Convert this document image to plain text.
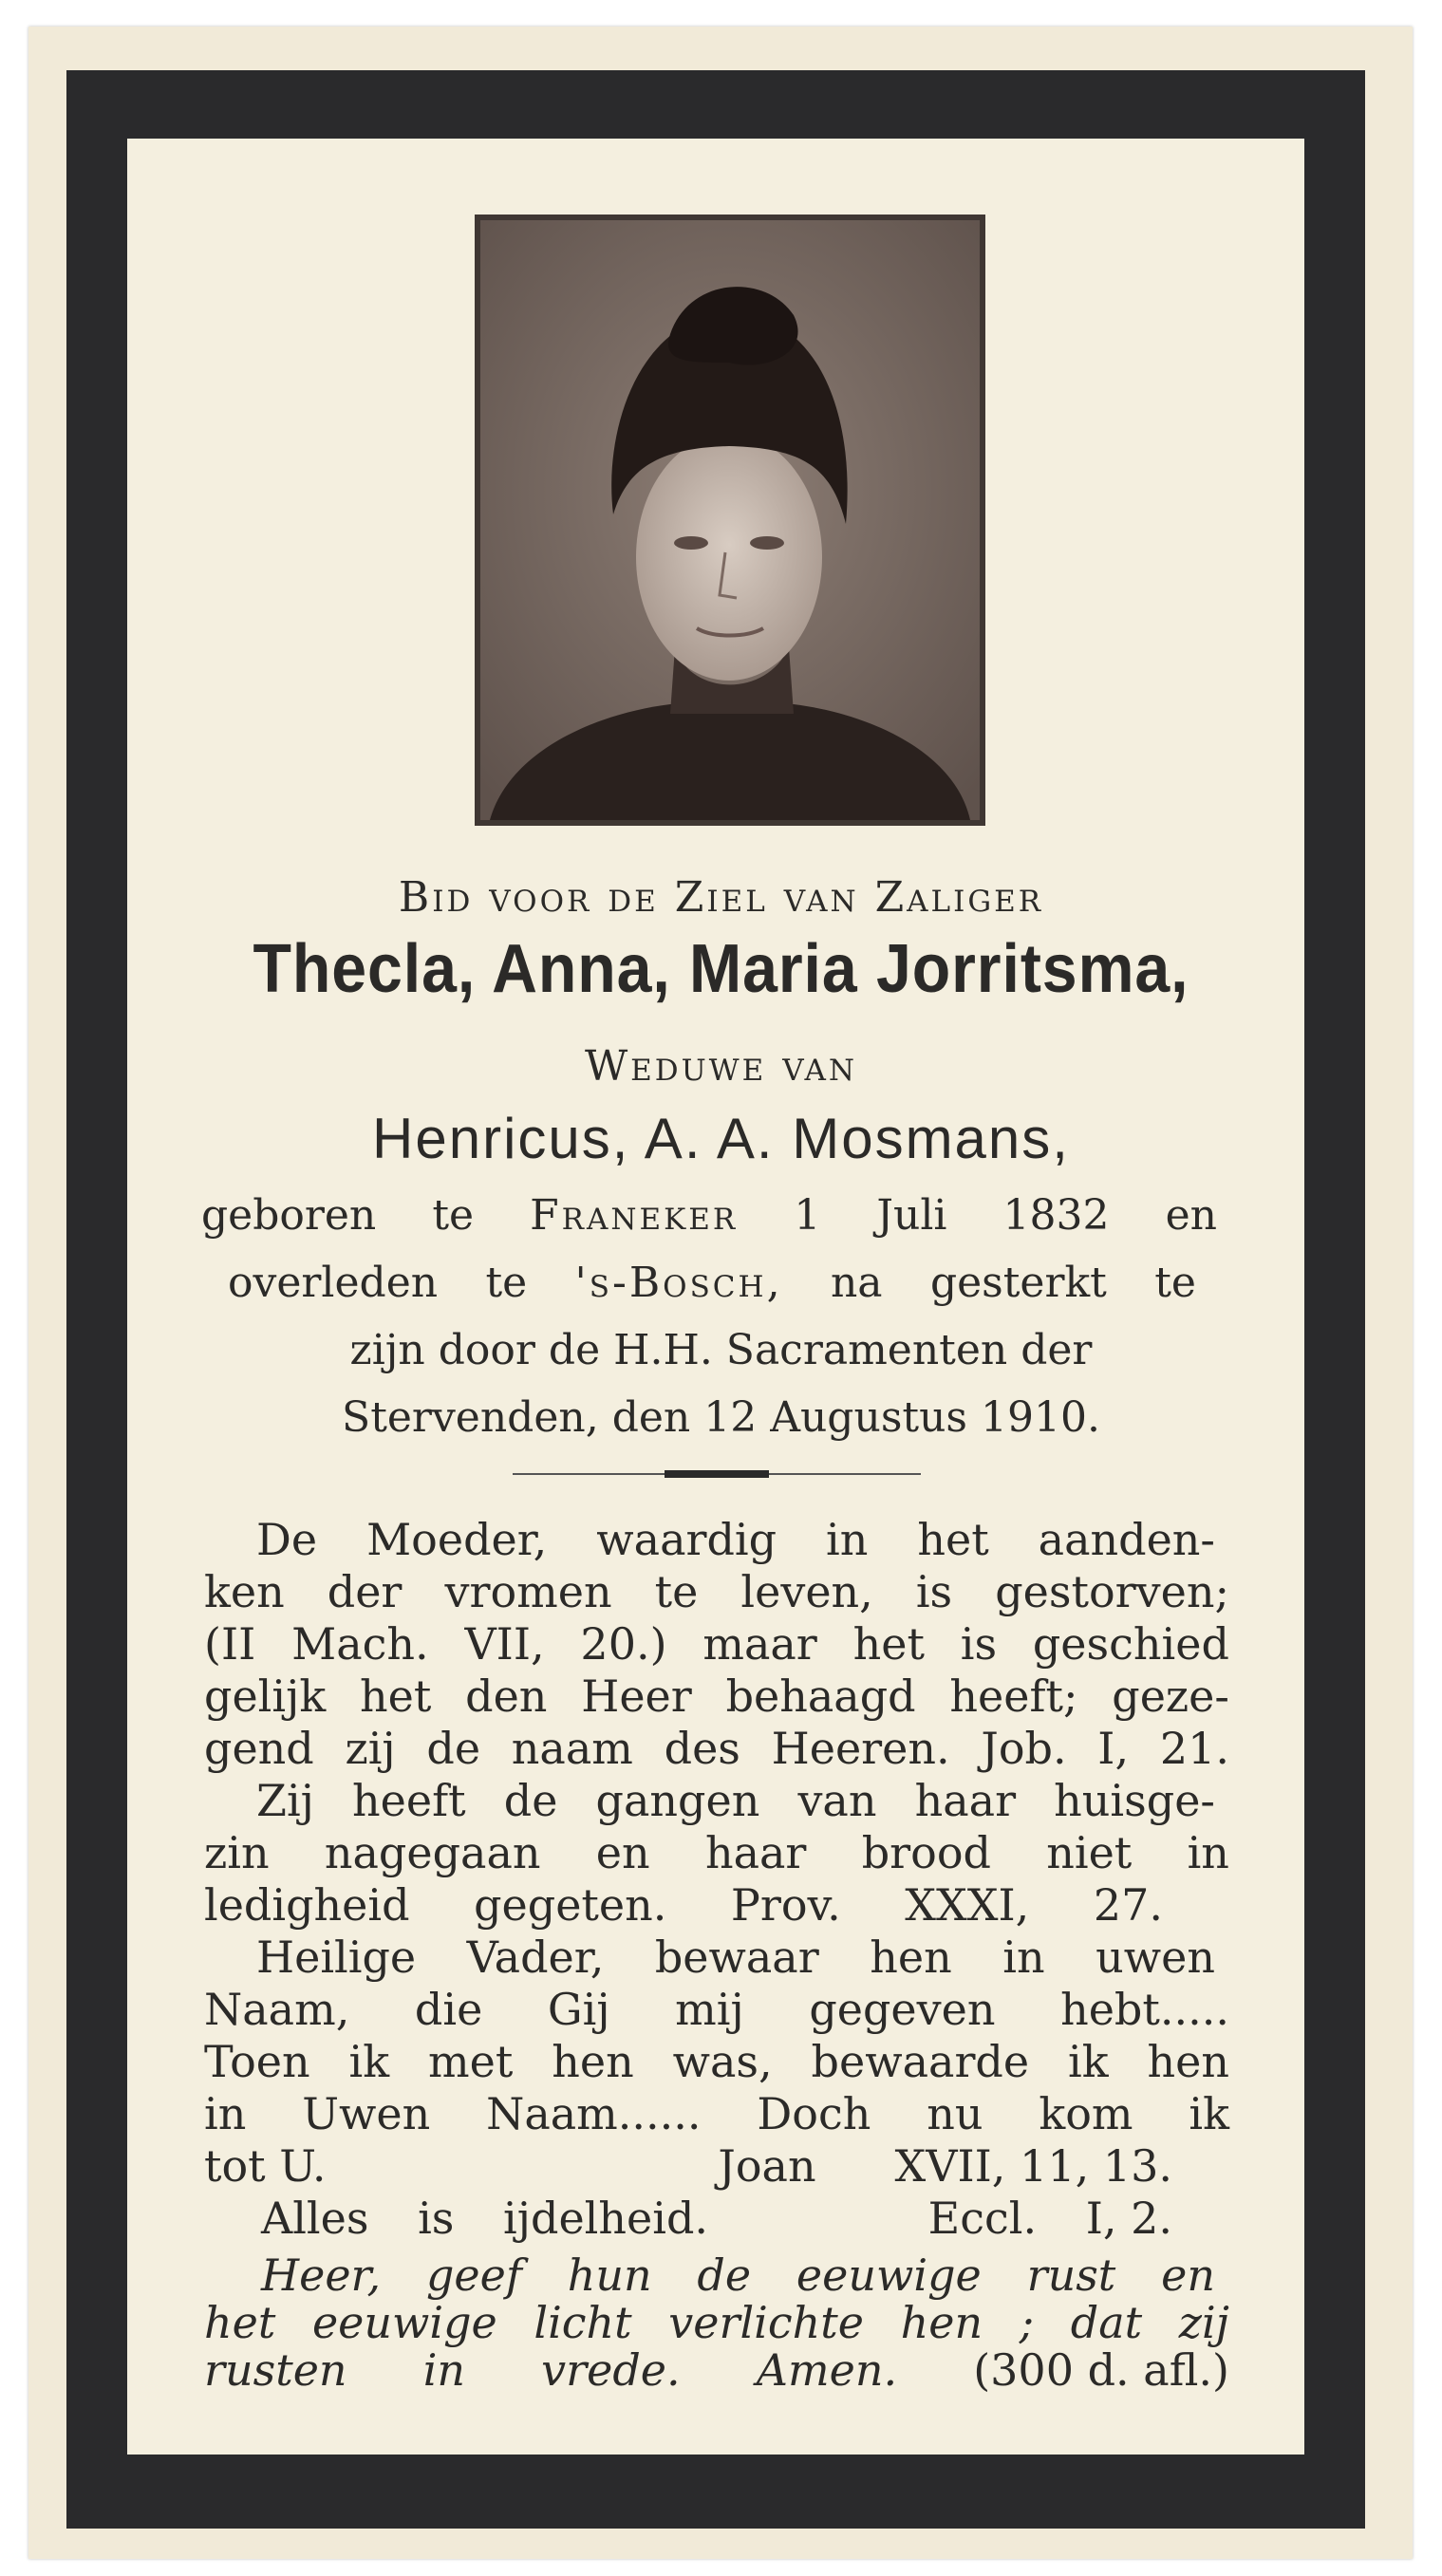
Bid voor de Ziel van Zaliger
Thecla, Anna, Maria Jorritsma,
Weduwe van
Henricus, A. A. Mosmans,
geboren te Franeker 1 Juli 1832 en
overleden te 's-Bosch, na gesterkt te
zijn door de H.H. Sacramenten der
Stervenden, den 12 Augustus 1910.
De Moeder, waardig in het aanden-
ken der vromen te leven, is gestorven;
(II Mach. VII, 20.) maar het is geschied
gelijk het den Heer behaagd heeft; geze-
gend zij de naam des Heeren. Job. I, 21.
Zij heeft de gangen van haar huisge-
zin nagegaan en haar brood niet in
ledigheid gegeten. Prov. XXXI, 27.
Heilige Vader, bewaar hen in uwen
Naam, die Gij mij gegeven hebt.....
Toen ik met hen was, bewaarde ik hen
in Uwen Naam...... Doch nu kom ik
tot U.	Joan XVII, 11, 13.
Alles is ijdelheid.	Eccl. I, 2.
Heer, geef hun de eeuwige rust en
het eeuwige licht verlichte hen ; dat zij
rusten in vrede. Amen. (300 d. afl.)
